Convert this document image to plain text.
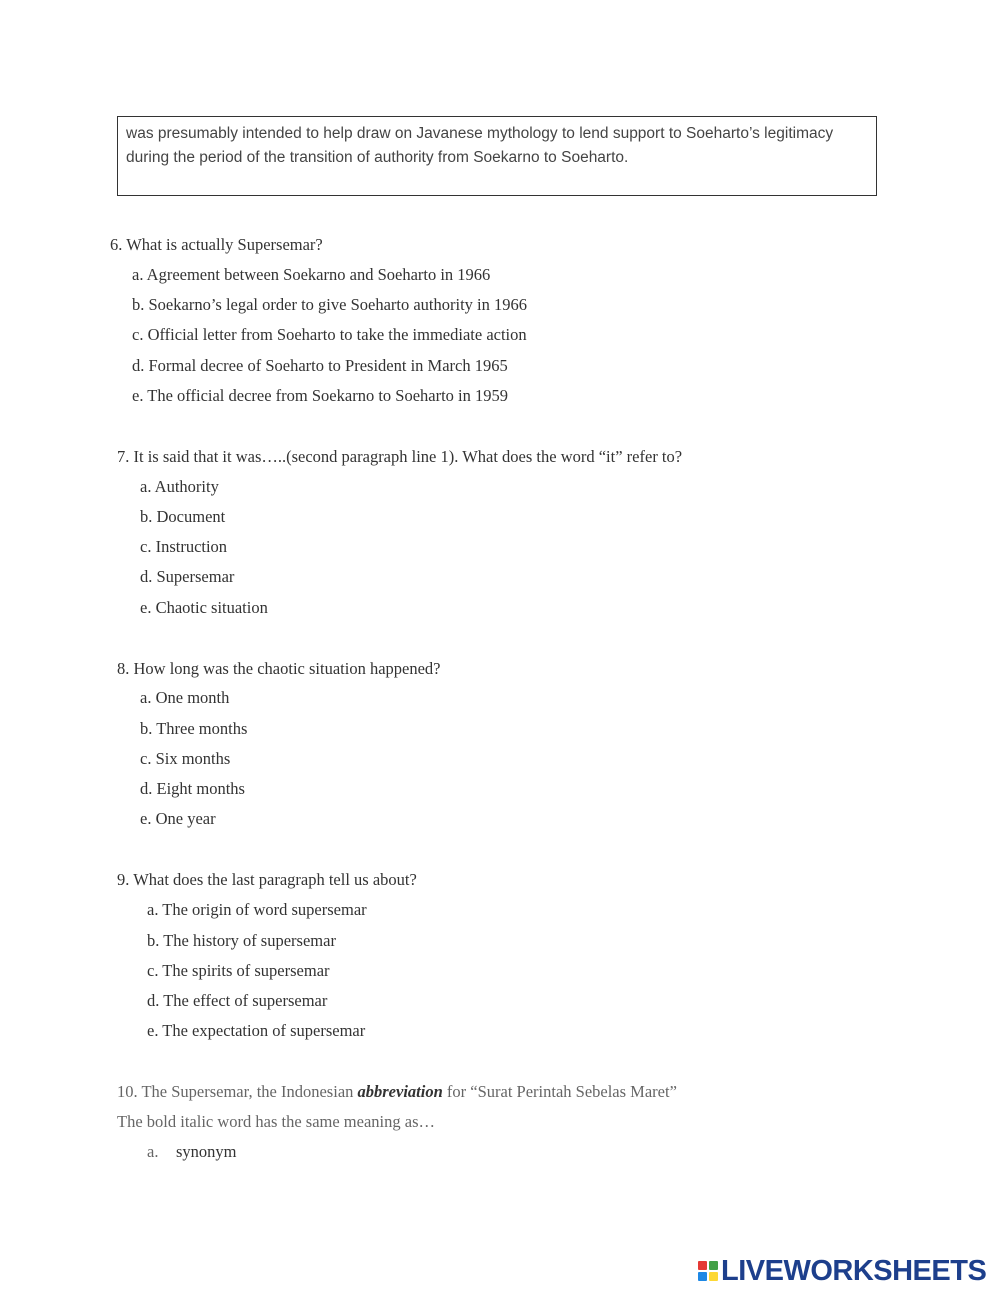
was presumably intended to help draw on Javanese mythology to lend support to Soeharto’s legitimacy

during the period of the transition of authority from Soekarno to Soeharto.

6. What is actually Supersemar?

a. Agreement between Soekarno and Soeharto in 1966

b. Soekarno’s legal order to give Soeharto authority in 1966

c. Official letter from Soeharto to take the immediate action

d. Formal decree of Soeharto to President in March 1965

e. The official decree from Soekarno to Soeharto in 1959

7. It is said that it was…..(second paragraph line 1). What does the word “it” refer to?

a. Authority

b. Document

c. Instruction

d. Supersemar

e. Chaotic situation

8. How long was the chaotic situation happened?

a. One month

b. Three months

c. Six months

d. Eight months

e. One year

9. What does the last paragraph tell us about?

a. The origin of word supersemar

b. The history of supersemar

c. The spirits of supersemar

d. The effect of supersemar

e. The expectation of supersemar

10. The Supersemar, the Indonesian abbreviation for “Surat Perintah Sebelas Maret”

The bold italic word has the same meaning as…

a. synonym

LIVEWORKSHEETS
